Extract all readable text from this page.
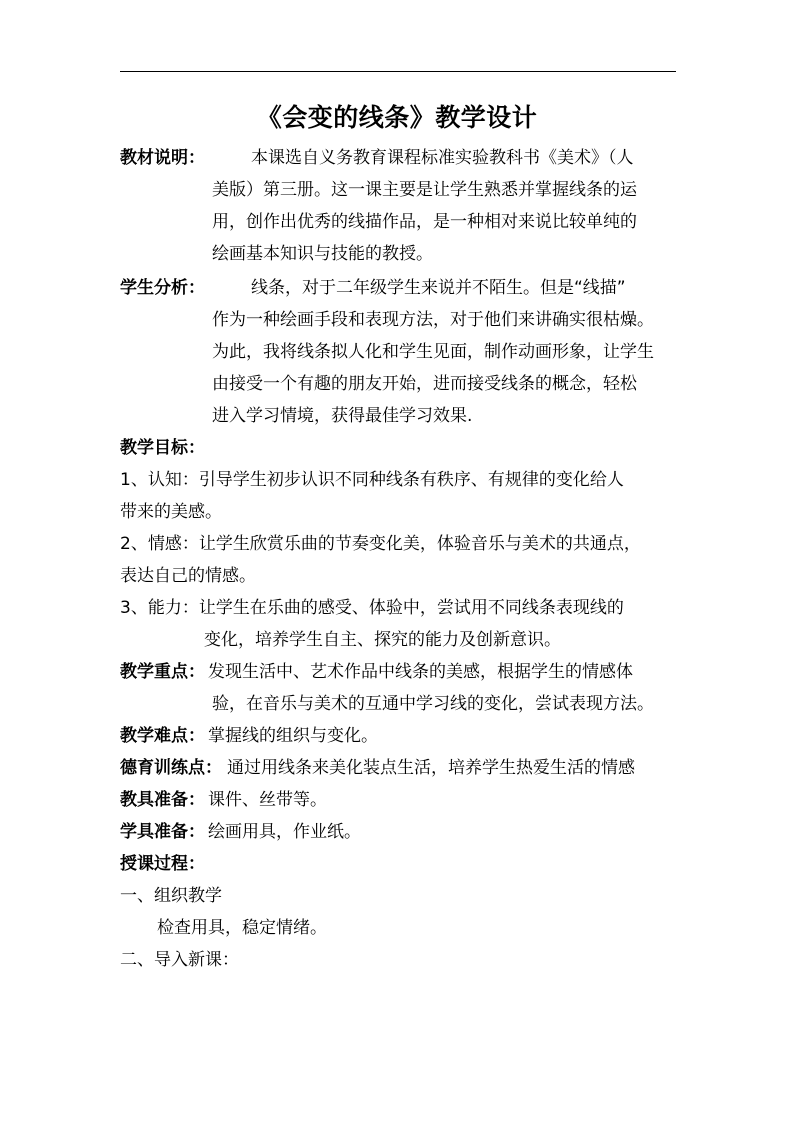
《会变的线条》教学设计
教材说明：	本课选自义务教育课程标准实验教科书《美术》（人
美版）第三册。这一课主要是让学生熟悉并掌握线条的运
用，创作出优秀的线描作品，是一种相对来说比较单纯的
绘画基本知识与技能的教授。
学生分析：	线条，对于二年级学生来说并不陌生。但是“线描”
作为一种绘画手段和表现方法，对于他们来讲确实很枯燥。
为此，我将线条拟人化和学生见面，制作动画形象，让学生
由接受一个有趣的朋友开始，进而接受线条的概念，轻松
进入学习情境，获得最佳学习效果.
教学目标：
1、认知：引导学生初步认识不同种线条有秩序、有规律的变化给人
带来的美感。
2、情感：让学生欣赏乐曲的节奏变化美，体验音乐与美术的共通点，
表达自己的情感。
3、能力：让学生在乐曲的感受、体验中，尝试用不同线条表现线的
变化，培养学生自主、探究的能力及创新意识。
教学重点： 发现生活中、艺术作品中线条的美感，根据学生的情感体
验，在音乐与美术的互通中学习线的变化，尝试表现方法。
教学难点： 掌握线的组织与变化。
德育训练点： 通过用线条来美化装点生活，培养学生热爱生活的情感
教具准备： 课件、丝带等。
学具准备： 绘画用具，作业纸。
授课过程：
一、组织教学
检查用具，稳定情绪。
二、导入新课：
